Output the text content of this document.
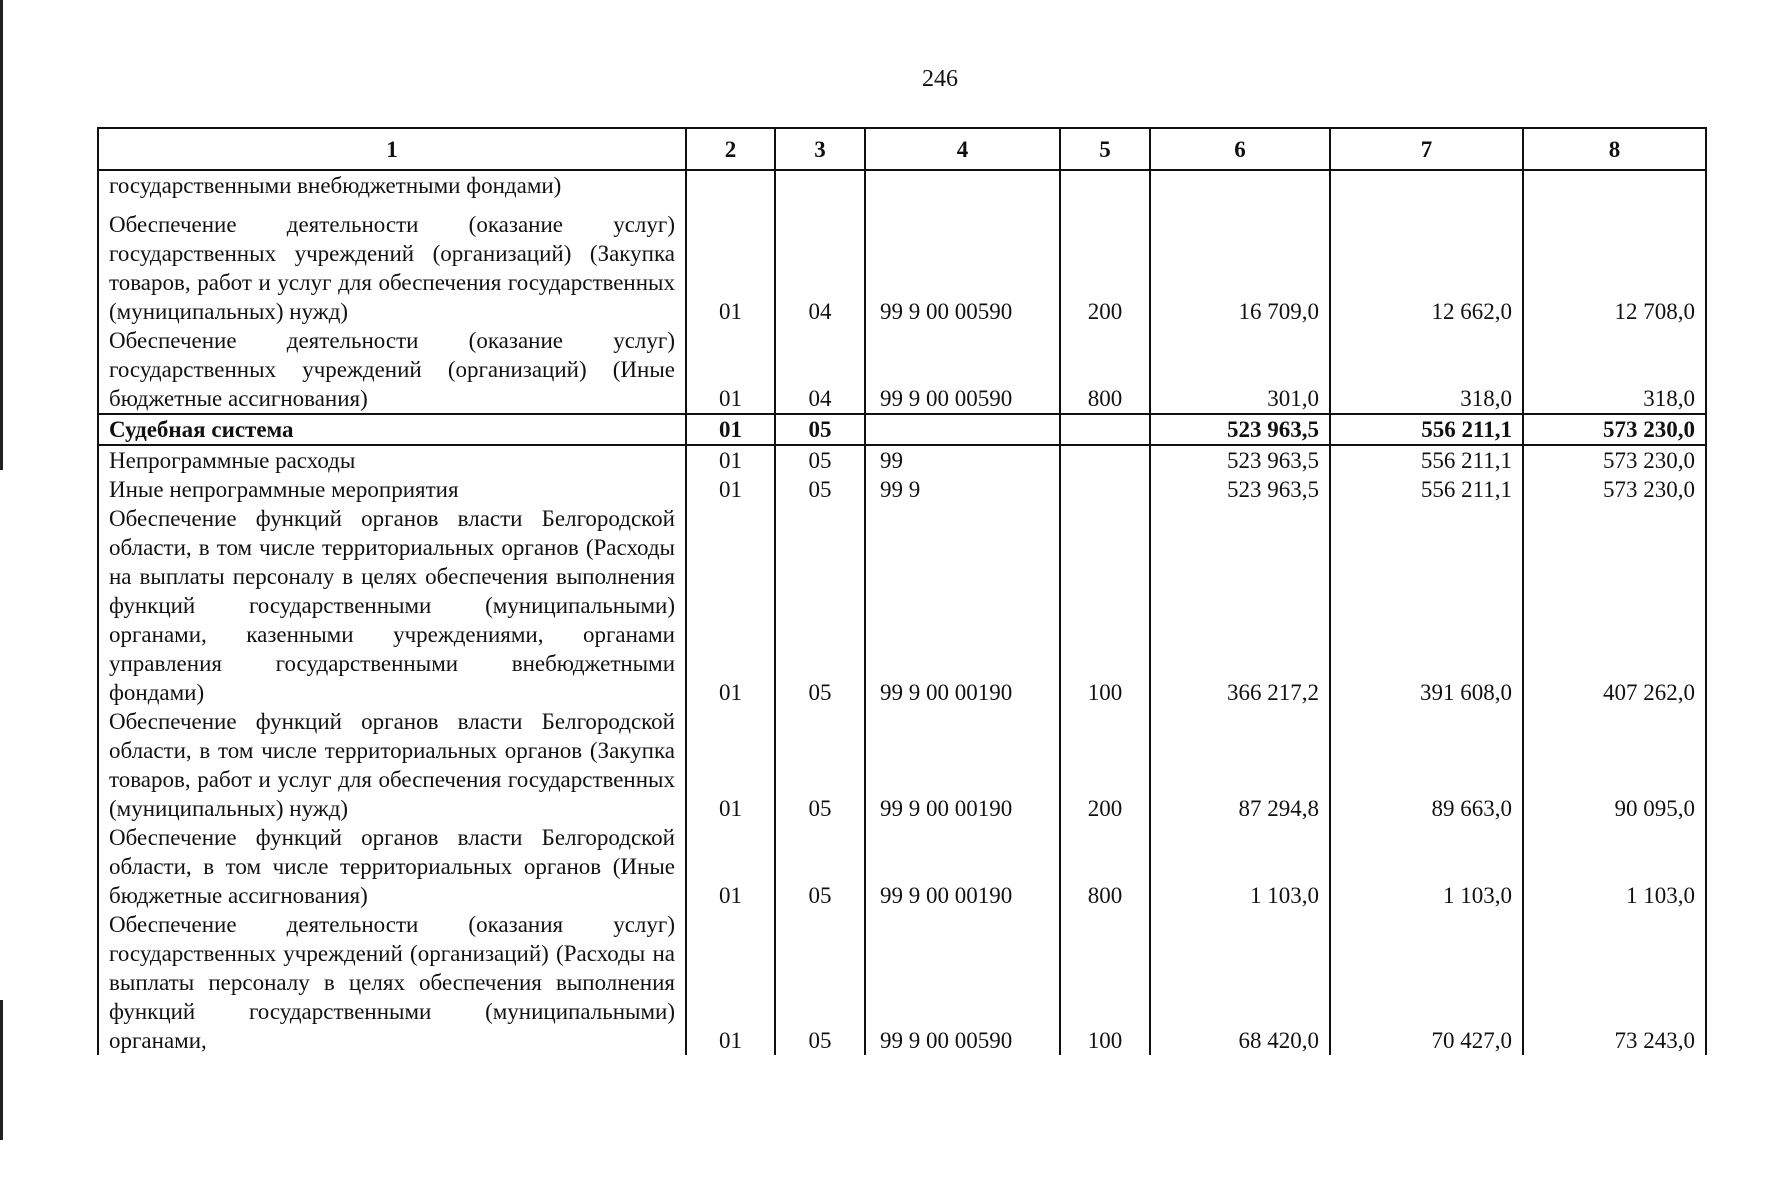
246
1	2	3	4	5	6	7	8
государственными внебюджетными фондами)							
Обеспечение деятельности (оказание услуг) государственных учреждений (организаций) (Закупка товаров, работ и услуг для обеспечения государственных (муниципальных) нужд)	01	04	99 9 00 00590	200	16 709,0	12 662,0	12 708,0
Обеспечение деятельности (оказание услуг) государственных учреждений (организаций) (Иные бюджетные ассигнования)	01	04	99 9 00 00590	800	301,0	318,0	318,0
Судебная система	01	05			523 963,5	556 211,1	573 230,0
Непрограммные расходы	01	05	99		523 963,5	556 211,1	573 230,0
Иные непрограммные мероприятия	01	05	99 9		523 963,5	556 211,1	573 230,0
Обеспечение функций органов власти Белгородской области, в том числе территориальных органов (Расходы на выплаты персоналу в целях обеспечения выполнения функций государственными (муниципальными) органами, казенными учреждениями, органами управления государственными внебюджетными фондами)	01	05	99 9 00 00190	100	366 217,2	391 608,0	407 262,0
Обеспечение функций органов власти Белгородской области, в том числе территориальных органов (Закупка товаров, работ и услуг для обеспечения государственных (муниципальных) нужд)	01	05	99 9 00 00190	200	87 294,8	89 663,0	90 095,0
Обеспечение функций органов власти Белгородской области, в том числе территориальных органов (Иные бюджетные ассигнования)	01	05	99 9 00 00190	800	1 103,0	1 103,0	1 103,0
Обеспечение деятельности (оказания услуг) государственных учреждений (организаций) (Расходы на выплаты персоналу в целях обеспечения выполнения функций государственными (муниципальными) органами,	01	05	99 9 00 00590	100	68 420,0	70 427,0	73 243,0
